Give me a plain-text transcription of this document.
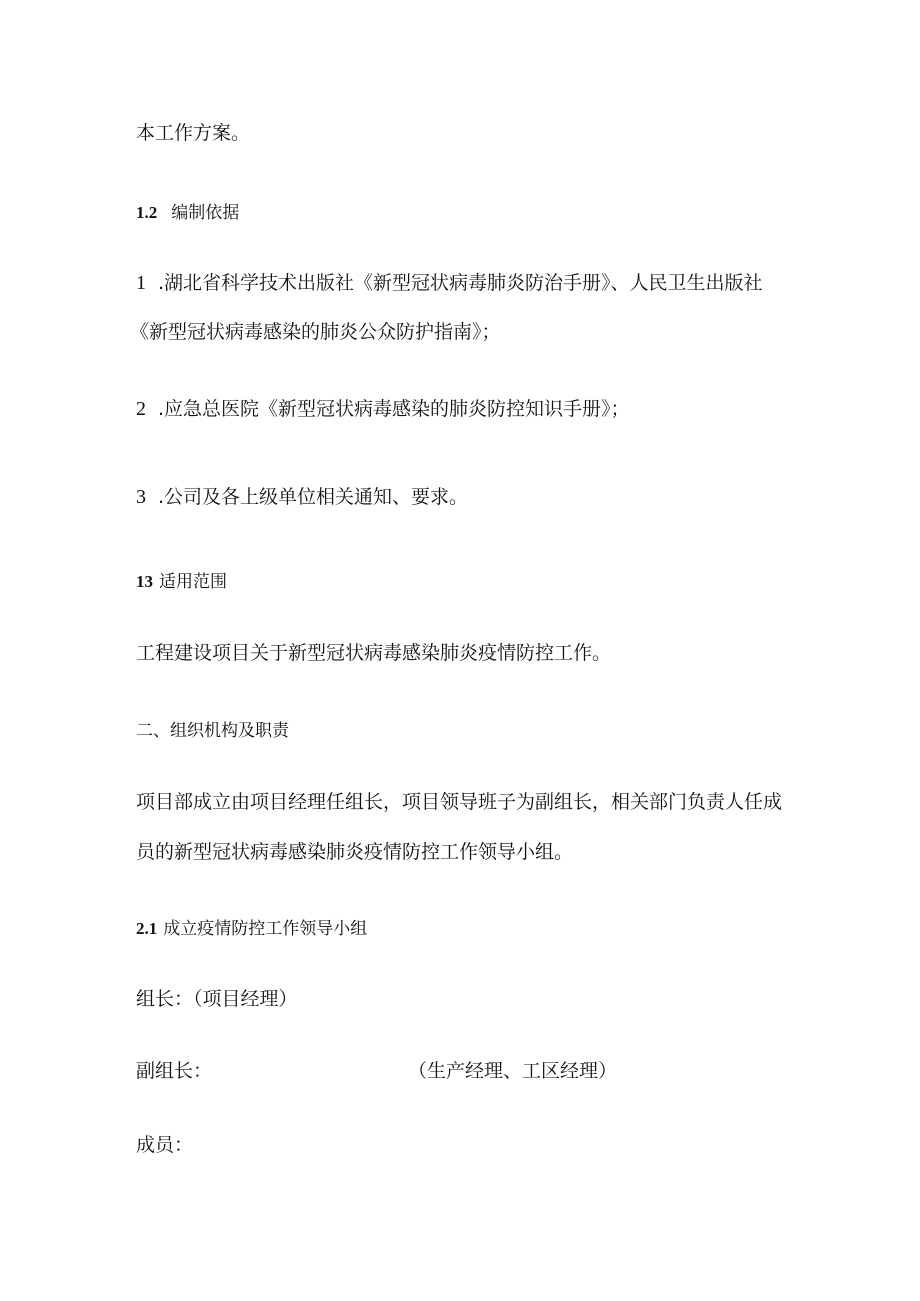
本工作方案。
1.2 编制依据
1 .湖北省科学技术出版社《新型冠状病毒肺炎防治手册》、人民卫生出版社
《新型冠状病毒感染的肺炎公众防护指南》；
2 .应急总医院《新型冠状病毒感染的肺炎防控知识手册》；
3 .公司及各上级单位相关通知、要求。
13 适用范围
工程建设项目关于新型冠状病毒感染肺炎疫情防控工作。
二、组织机构及职责
项目部成立由项目经理任组长，项目领导班子为副组长，相关部门负责人任成
员的新型冠状病毒感染肺炎疫情防控工作领导小组。
2.1 成立疫情防控工作领导小组
组长：（项目经理）
副组长：	（生产经理、工区经理）
成员：
